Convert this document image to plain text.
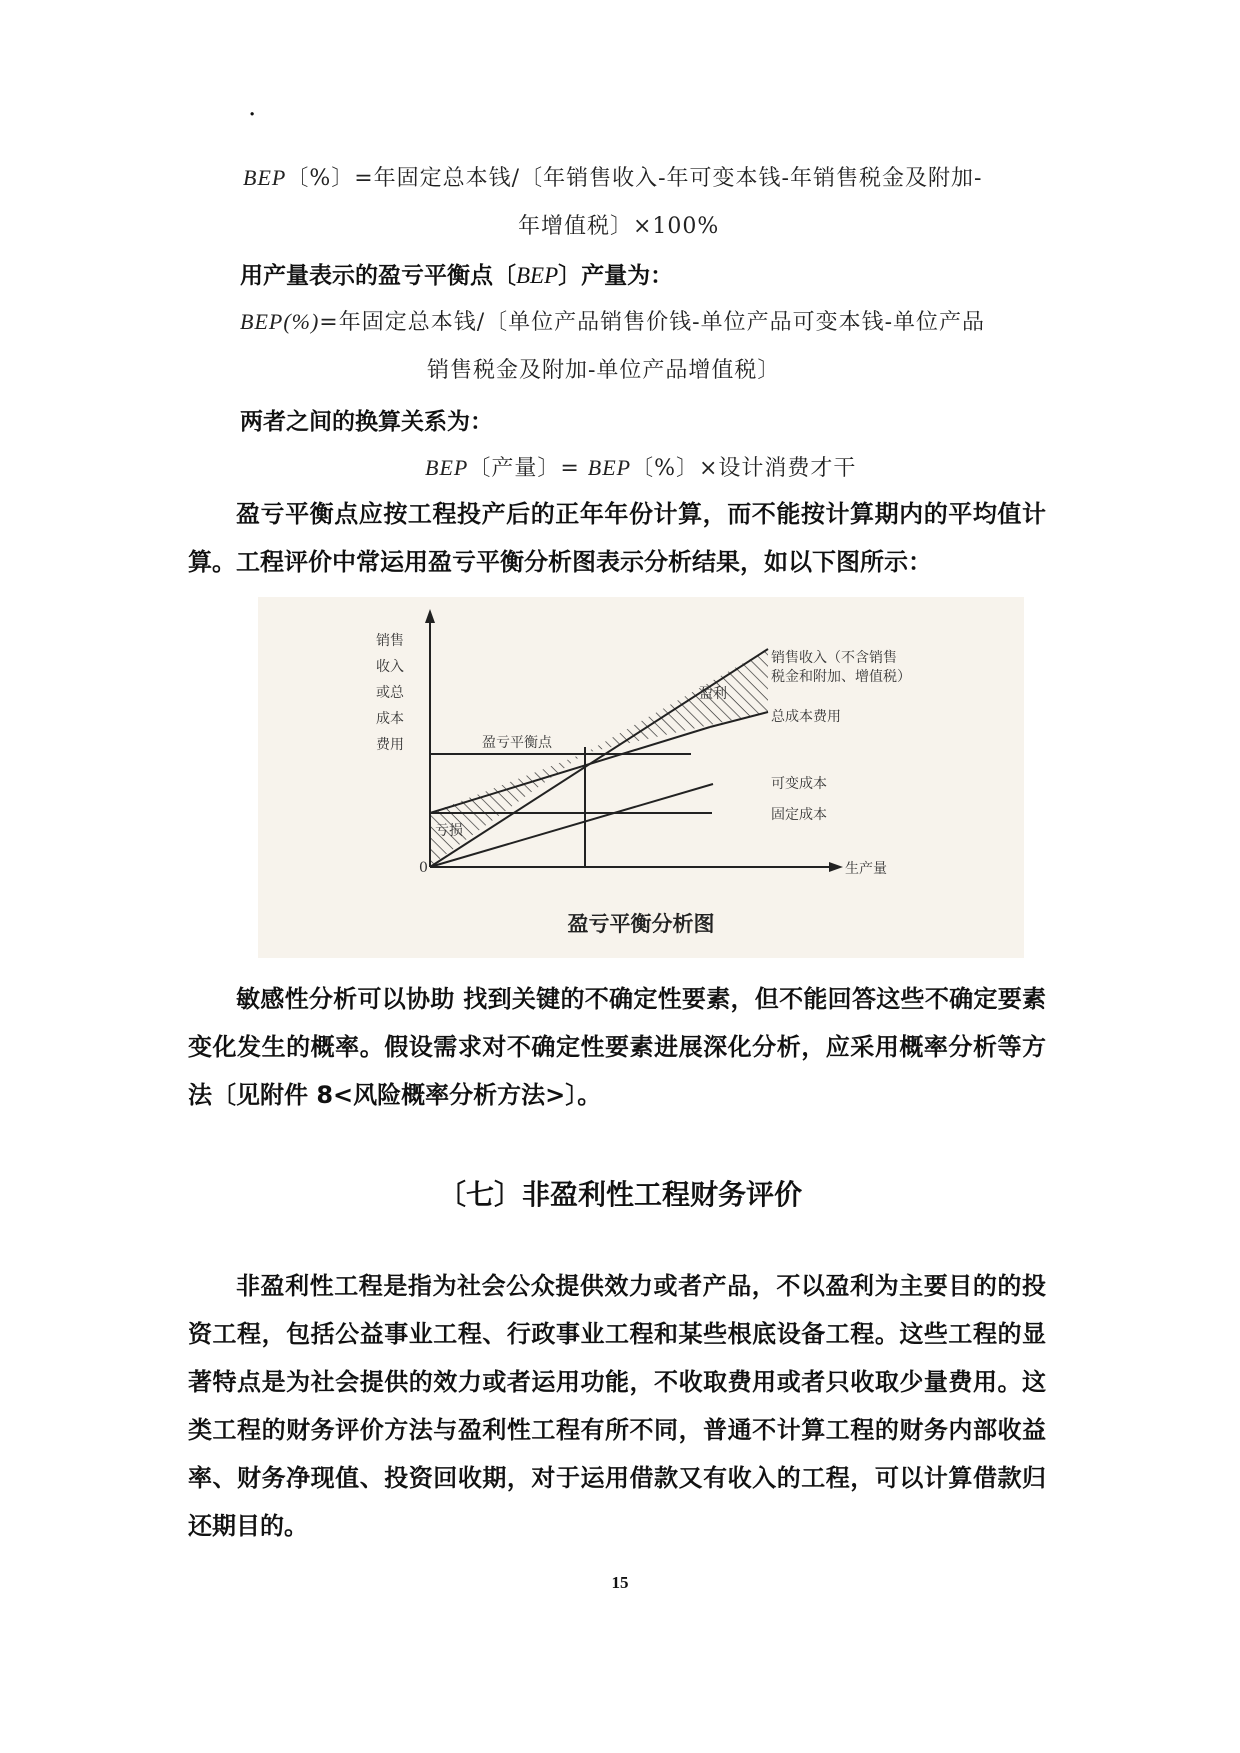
.
BEP〔%〕=年固定总本钱/〔年销售收入-年可变本钱-年销售税金及附加-
年增值税〕×100%
用产量表示的盈亏平衡点〔BEP〕产量为：
BEP(%)=年固定总本钱/〔单位产品销售价钱-单位产品可变本钱-单位产品
销售税金及附加-单位产品增值税〕
两者之间的换算关系为：
BEP〔产量〕= BEP〔%〕×设计消费才干
盈亏平衡点应按工程投产后的正年年份计算，而不能按计算期内的平均值计算。工程评价中常运用盈亏平衡分析图表示分析结果，如以下图所示：
销售 收入 或总 成本 费用
0	生产量
盈亏平衡点
盈利
亏损
销售收入（不含销售 税金和附加、增值税）
总成本费用
可变成本
固定成本
盈亏平衡分析图
敏感性分析可以协助 找到关键的不确定性要素，但不能回答这些不确定要素变化发生的概率。假设需求对不确定性要素进展深化分析，应采用概率分析等方法〔见附件 8<风险概率分析方法>〕。
〔七〕非盈利性工程财务评价
非盈利性工程是指为社会公众提供效力或者产品，不以盈利为主要目的的投资工程，包括公益事业工程、行政事业工程和某些根底设备工程。这些工程的显著特点是为社会提供的效力或者运用功能，不收取费用或者只收取少量费用。这类工程的财务评价方法与盈利性工程有所不同，普通不计算工程的财务内部收益率、财务净现值、投资回收期，对于运用借款又有收入的工程，可以计算借款归还期目的。
15
